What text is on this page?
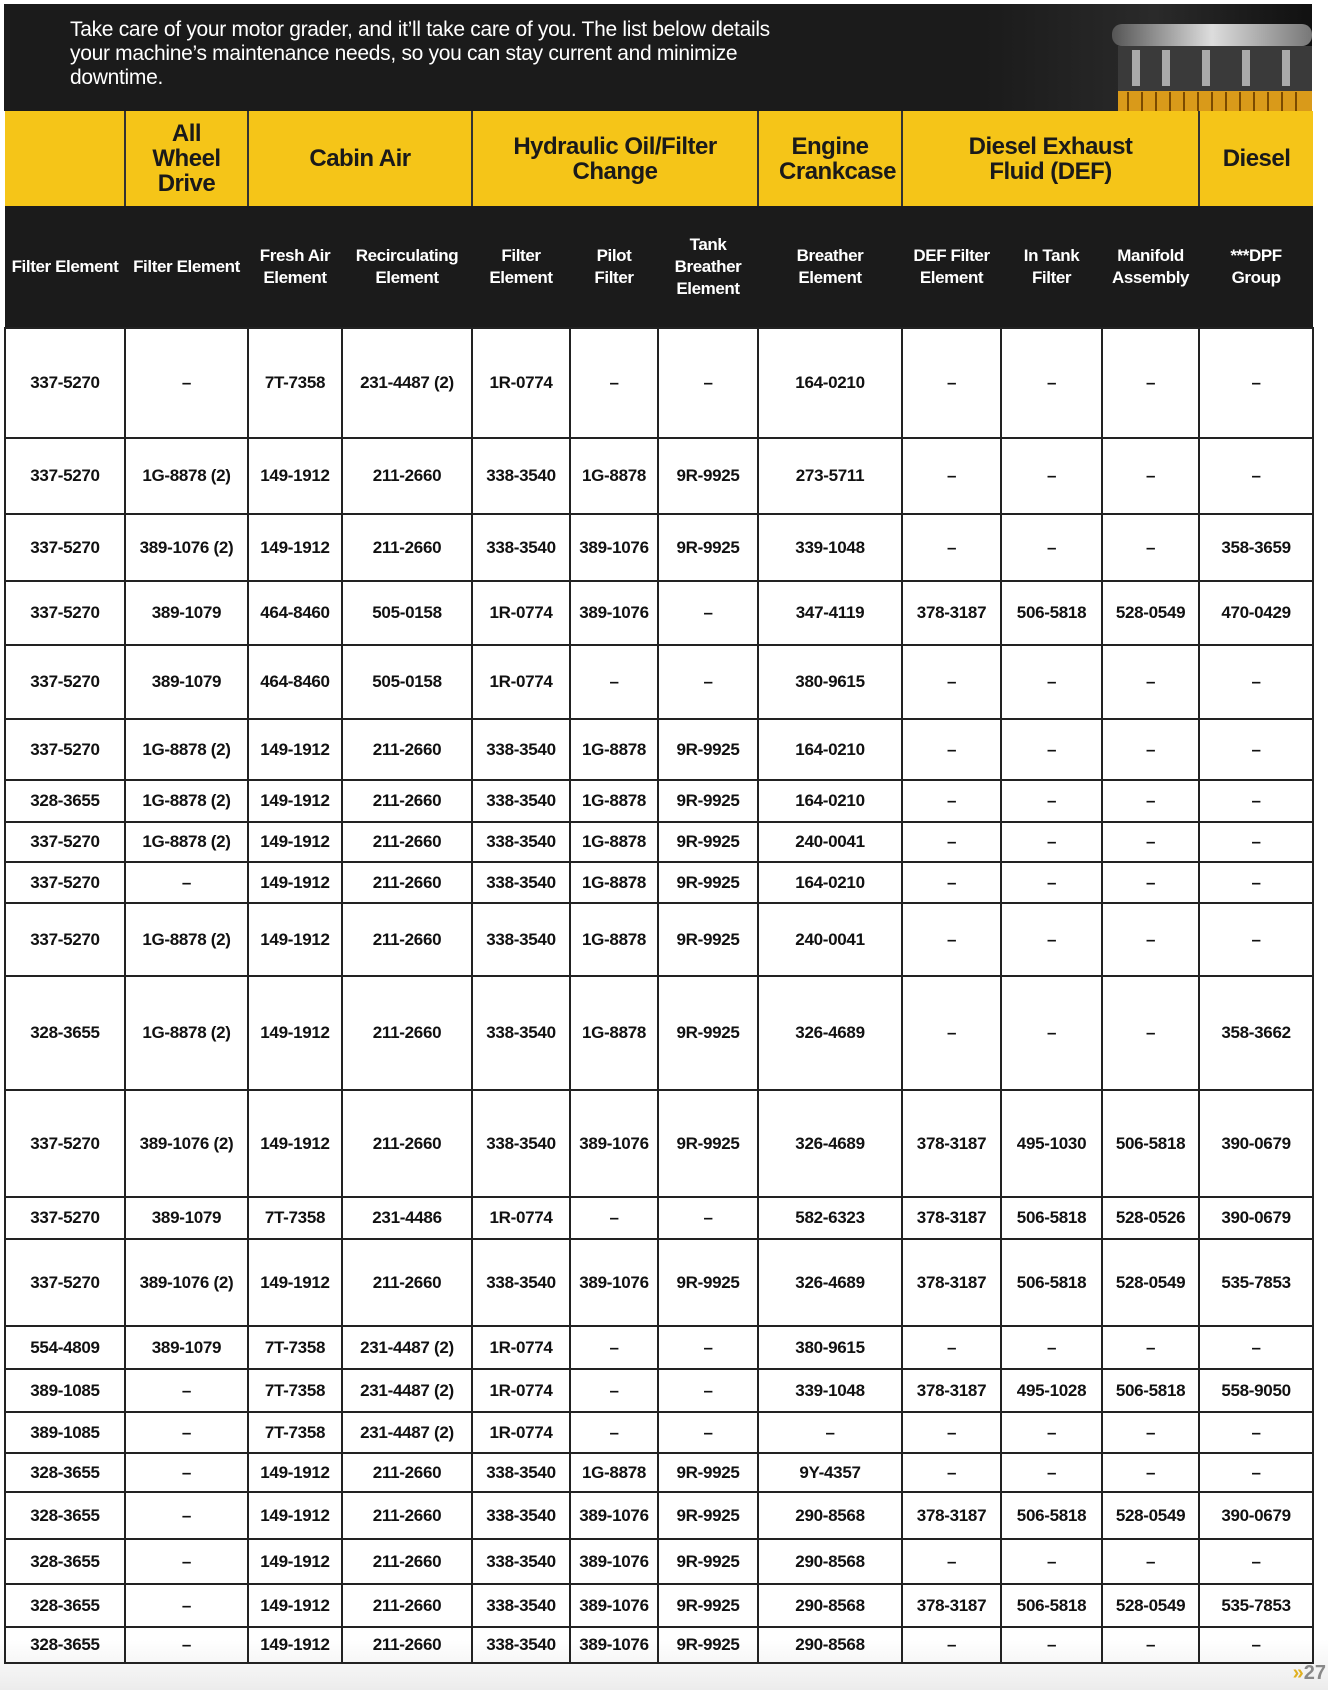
Take care of your motor grader, and it’ll take care of you. The list below details your machine’s maintenance needs, so you can stay current and minimize downtime.
	All Wheel Drive	Cabin Air		Hydraulic Oil/Filter Change			Engine Crankcase	Diesel Exhaust Fluid (DEF)			Diesel
Filter Element	Filter Element	Fresh Air Element	Recirculating Element	Filter Element	Pilot Filter	Tank Breather Element	Breather Element	DEF Filter Element	In Tank Filter	Manifold Assembly	***DPF Group
337-5270	–	7T-7358	231-4487 (2)	1R-0774	–	–	164-0210	–	–	–	–
337-5270	1G-8878 (2)	149-1912	211-2660	338-3540	1G-8878	9R-9925	273-5711	–	–	–	–
337-5270	389-1076 (2)	149-1912	211-2660	338-3540	389-1076	9R-9925	339-1048	–	–	–	358-3659
337-5270	389-1079	464-8460	505-0158	1R-0774	389-1076	–	347-4119	378-3187	506-5818	528-0549	470-0429
337-5270	389-1079	464-8460	505-0158	1R-0774	–	–	380-9615	–	–	–	–
337-5270	1G-8878 (2)	149-1912	211-2660	338-3540	1G-8878	9R-9925	164-0210	–	–	–	–
328-3655	1G-8878 (2)	149-1912	211-2660	338-3540	1G-8878	9R-9925	164-0210	–	–	–	–
337-5270	1G-8878 (2)	149-1912	211-2660	338-3540	1G-8878	9R-9925	240-0041	–	–	–	–
337-5270	–	149-1912	211-2660	338-3540	1G-8878	9R-9925	164-0210	–	–	–	–
337-5270	1G-8878 (2)	149-1912	211-2660	338-3540	1G-8878	9R-9925	240-0041	–	–	–	–
328-3655	1G-8878 (2)	149-1912	211-2660	338-3540	1G-8878	9R-9925	326-4689	–	–	–	358-3662
337-5270	389-1076 (2)	149-1912	211-2660	338-3540	389-1076	9R-9925	326-4689	378-3187	495-1030	506-5818	390-0679
337-5270	389-1079	7T-7358	231-4486	1R-0774	–	–	582-6323	378-3187	506-5818	528-0526	390-0679
337-5270	389-1076 (2)	149-1912	211-2660	338-3540	389-1076	9R-9925	326-4689	378-3187	506-5818	528-0549	535-7853
554-4809	389-1079	7T-7358	231-4487 (2)	1R-0774	–	–	380-9615	–	–	–	–
389-1085	–	7T-7358	231-4487 (2)	1R-0774	–	–	339-1048	378-3187	495-1028	506-5818	558-9050
389-1085	–	7T-7358	231-4487 (2)	1R-0774	–	–	–	–	–	–	–
328-3655	–	149-1912	211-2660	338-3540	1G-8878	9R-9925	9Y-4357	–	–	–	–
328-3655	–	149-1912	211-2660	338-3540	389-1076	9R-9925	290-8568	378-3187	506-5818	528-0549	390-0679
328-3655	–	149-1912	211-2660	338-3540	389-1076	9R-9925	290-8568	–	–	–	–
328-3655	–	149-1912	211-2660	338-3540	389-1076	9R-9925	290-8568	378-3187	506-5818	528-0549	535-7853
328-3655	–	149-1912	211-2660	338-3540	389-1076	9R-9925	290-8568	–	–	–	–
»27
